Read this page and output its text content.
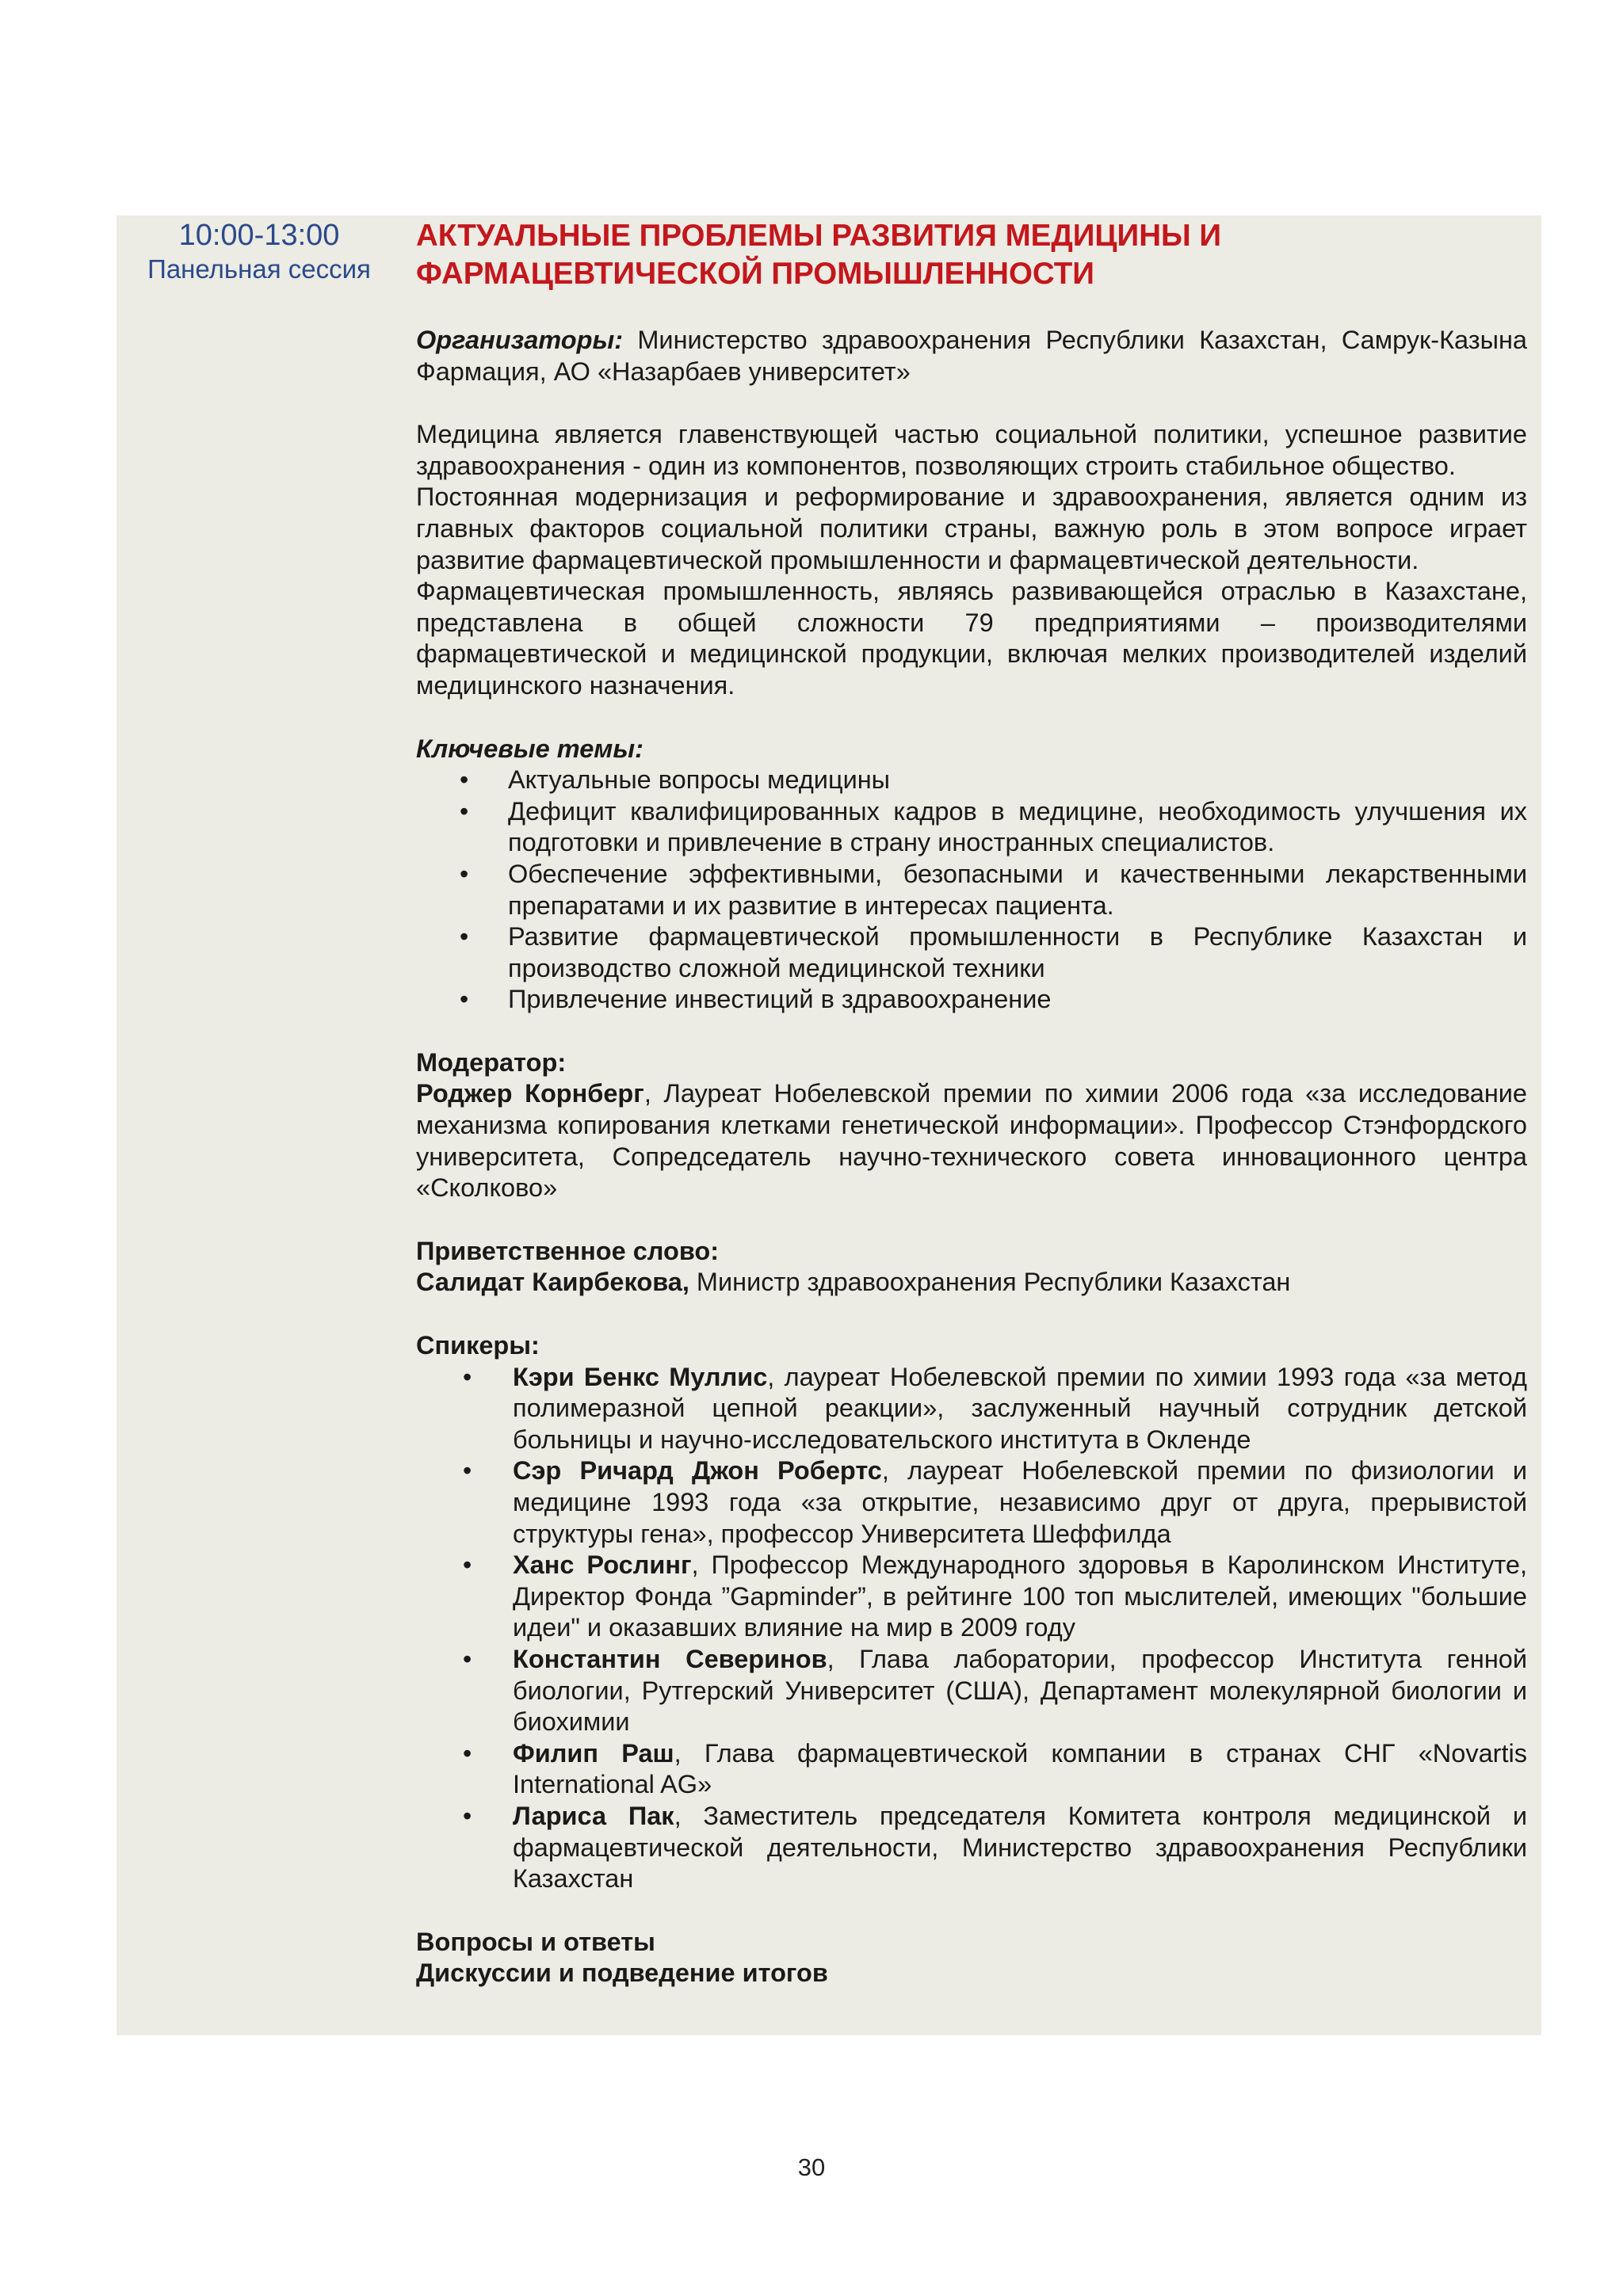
10:00-13:00
Панельная сессия
АКТУАЛЬНЫЕ ПРОБЛЕМЫ РАЗВИТИЯ МЕДИЦИНЫ И ФАРМАЦЕВТИЧЕСКОЙ ПРОМЫШЛЕННОСТИ

Организаторы: Министерство здравоохранения Республики Казахстан, Самрук-Казына Фармация, АО «Назарбаев университет»

Медицина является главенствующей частью социальной политики, успешное развитие здравоохранения - один из компонентов, позволяющих строить стабильное общество.

Постоянная модернизация и реформирование и здравоохранения, является одним из главных факторов социальной политики страны, важную роль в этом вопросе играет развитие фармацевтической промышленности и фармацевтической деятельности.

Фармацевтическая промышленность, являясь развивающейся отраслью в Казахстане, представлена в общей сложности 79 предприятиями – производителями фармацевтической и медицинской продукции, включая мелких производителей изделий медицинского назначения.

Ключевые темы:

• Актуальные вопросы медицины
• Дефицит квалифицированных кадров в медицине, необходимость улучшения их подготовки и привлечение в страну иностранных специалистов.
• Обеспечение эффективными, безопасными и качественными лекарственными препаратами и их развитие в интересах пациента.
• Развитие фармацевтической промышленности в Республике Казахстан и производство сложной медицинской техники
• Привлечение инвестиций в здравоохранение

Модератор:

Роджер Корнберг, Лауреат Нобелевской премии по химии 2006 года «за исследование механизма копирования клетками генетической информации». Профессор Стэнфордского университета, Сопредседатель научно-технического совета инновационного центра «Сколково»

Приветственное слово:

Салидат Каирбекова, Министр здравоохранения Республики Казахстан

Спикеры:

• Кэри Бенкс Муллис, лауреат Нобелевской премии по химии 1993 года «за метод полимеразной цепной реакции», заслуженный научный сотрудник детской больницы и научно-исследовательского института в Окленде
• Сэр Ричард Джон Робертс, лауреат Нобелевской премии по физиологии и медицине 1993 года «за открытие, независимо друг от друга, прерывистой структуры гена», профессор Университета Шеффилда
• Ханс Рослинг, Профессор Международного здоровья в Каролинском Институте, Директор Фонда ”Gapminder”, в рейтинге 100 топ мыслителей, имеющих "большие идеи" и оказавших влияние на мир в 2009 году
• Константин Северинов, Глава лаборатории, профессор Института генной биологии, Рутгерский Университет (США), Департамент молекулярной биологии и биохимии
• Филип Раш, Глава фармацевтической компании в странах СНГ «Novartis International AG»
• Лариса Пак, Заместитель председателя Комитета контроля медицинской и фармацевтической деятельности, Министерство здравоохранения Республики Казахстан

Вопросы и ответы

Дискуссии и подведение итогов

30
